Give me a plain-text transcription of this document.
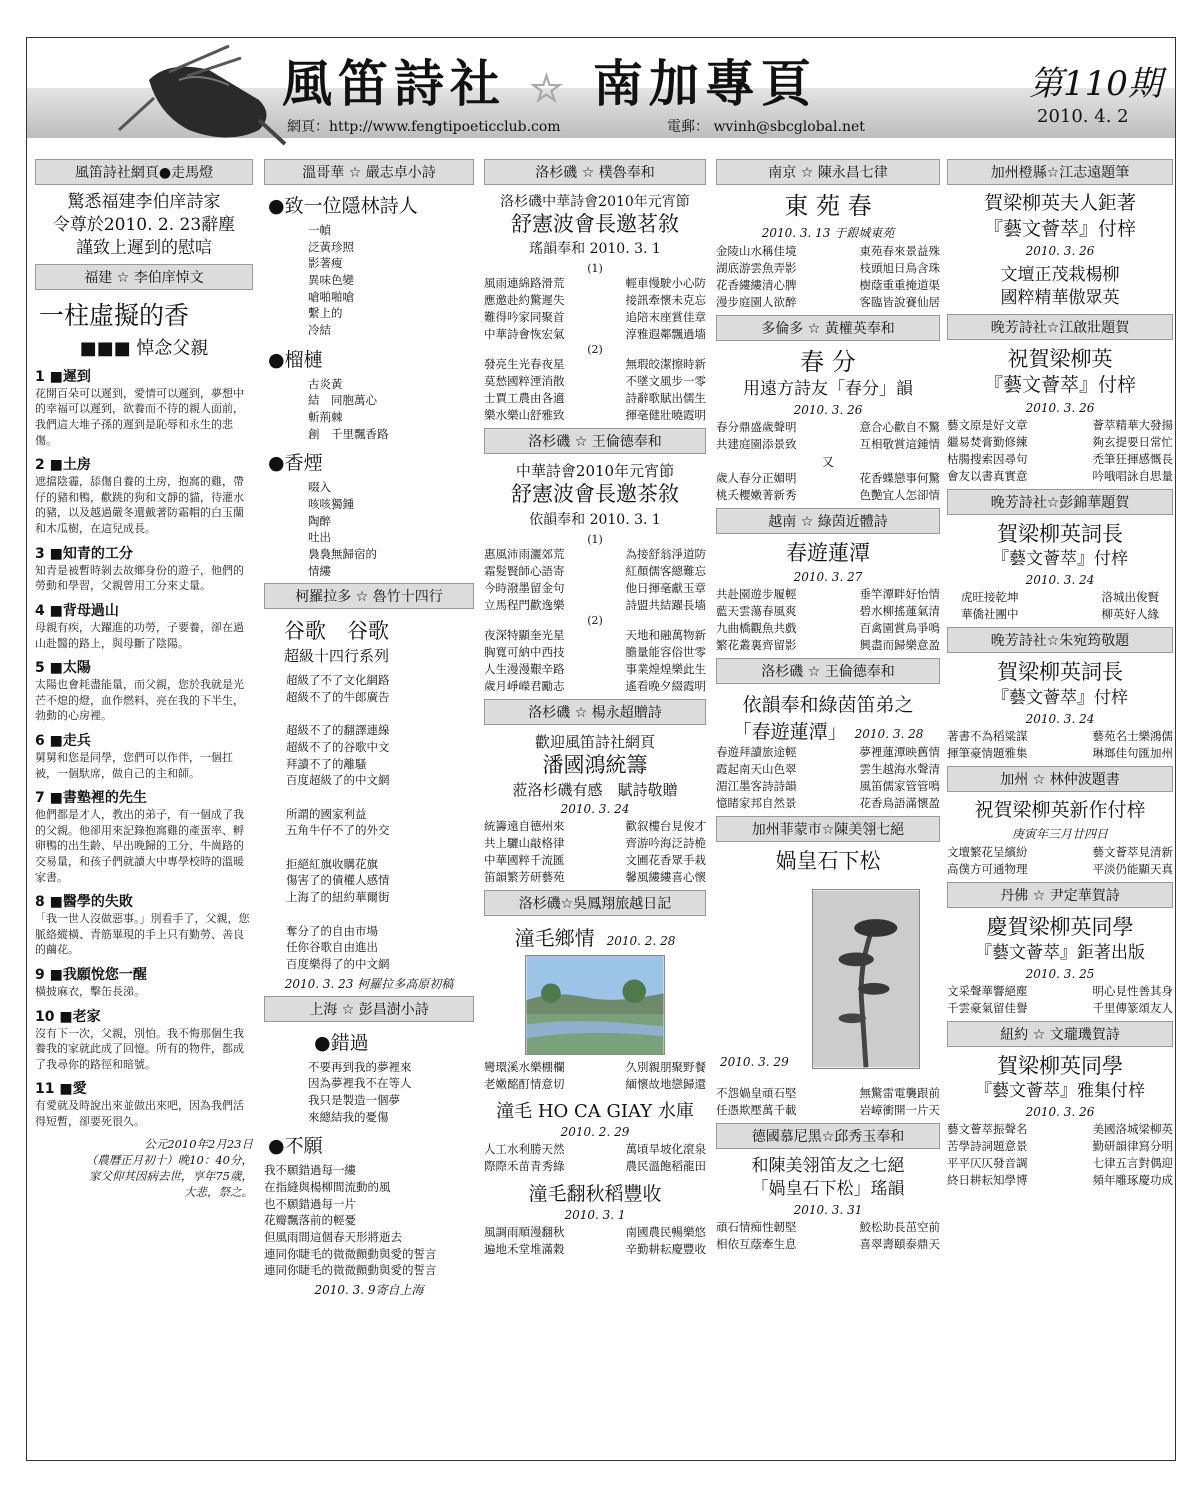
風笛詩社 ☆ 南加專頁	第110期
2010. 4. 2
網頁：http://www.fengtipoeticclub.com	電郵： wvinh@sbcglobal.net
風笛詩社網頁●走馬燈
驚悉福建李伯庠詩家
令尊於2010. 2. 23辭塵
謹致上遲到的慰唁
福建 ☆ 李伯庠悼文
一柱虛擬的香
■■■ 悼念父親
1 ■遲到
花開百朵可以遲到，愛情可以遲到，夢想中的幸福可以遲到，欲養而不待的親人面前，我們這大堆子孫的遲到是恥辱和永生的悲傷。
2 ■土房
遮擋陰霾，舔傷自養的土房，抱窩的雞，帶仔的豬和鴨，歡跳的狗和文靜的貓，待灌水的豬，以及越過嚴冬還戴著防霜帽的白玉蘭和木瓜樹，在這兒成長。
3 ■知青的工分
知青是被暫時剝去故鄉身份的遊子，他們的勞動和學習，父親曾用工分來丈量。
4 ■背母過山
母親有疾，大躍進的功勞，子要養，卻在過山赴醫的路上，與母斷了陰陽。
5 ■太陽
太陽也會耗盡能量，而父親，您於我就是光芒不熄的燈，血作燃料，亮在我的下半生，勃動的心房裡。
6 ■走兵
舅舅和您是同學，您們可以作伴，一個扛被，一個馱席，做自己的主和師。
7 ■書塾裡的先生
他們都是才人，教出的弟子，有一個成了我的父親。他卻用來記錄抱窩雞的產蛋率、孵卵鴨的出生齡、早出晚歸的工分、牛崗路的交易量，和孩子們就讀大中專學校時的溫暖家書。
8 ■醫學的失敗
「我一世人沒做惡事。」別看手了，父親，您脈絡縱橫、青筋畢現的手上只有勤勞、善良的繭花。
9 ■我願悅您一醒
橫披麻衣，擊缶長涕。
10 ■老家
沒有下一次，父親，別怕。我不悔那個生我養我的家就此成了回憶。所有的物件，都成了我尋你的路徑和暗號。
11 ■愛
有愛就及時說出來並做出來吧，因為我們活得短暫，卻要死很久。
公元2010年2月23日
（農曆正月初十）晚10：40分，
家父仰其因病去世，享年75歲，
大悲，祭之。
溫哥華 ☆ 嚴志卓小詩
●致一位隱林詩人
一幀
泛黃珍照
影著瘦
異味色變
嗆啪啪嗆
繫上的
冷結
●榴槤
古炎黃
結　同胞萬心
斬荊棘
創　千里飄香路
●香煙
啜入
咳咳獨鍾
陶醉
吐出
裊裊無歸宿的
情縷
柯羅拉多 ☆ 魯竹十四行
谷歌　谷歌
超級十四行系列
超級了不了文化網路
超級不了的牛郎廣告

超級不了的翻譯連線
超級不了的谷歌中文
拜讀不了的離騷
百度超級了的中文網

所謂的國家利益
五角牛仔不了的外交

拒絕紅旗收購花旗
傷害了的債權人感情
上海了的紐約華爾街

奪分了的自由市場
任你谷歌自由進出
百度樂得了的中文網
2010. 3. 23 柯羅拉多高原初稿
上海 ☆ 彭昌澍小詩
●錯過
不要再到我的夢裡來
因為夢裡我不在等人
我只是製造一個夢
來總結我的憂傷
●不願
我不願錯過每一縷
在指縫與楊柳間流動的風
也不願錯過每一片
花瓣飄落前的輕憂
但風雨間這個春天形將逝去
連同你睫毛的微微顫動與愛的誓言
連同你睫毛的微微顫動與愛的誓言
2010. 3. 9寄自上海
洛杉磯 ☆ 樸魯奉和
洛杉磯中華詩會2010年元宵節
舒憲波會長邀茗敘
瑤韻奉和 2010. 3. 1
(1)
風雨連綿路滑荒	輕車慢駛小心防
應邀赴約驚遲失	接訊牽懷未克忘
難得吟家同聚首	追陪末座賞佳章
中華詩會恢宏氣	淳雅遐鄰飄過墻
(2)
發亮生光春夜星	無瑕皎潔擦時新
莫愁國粹湮消散	不墜文風步一零
士賈工農由各適	詩辭歌賦出儒生
樂水樂山舒雅致	揮毫健壯曉霞明
洛杉磯 ☆ 王倫德奉和
中華詩會2010年元宵節
舒憲波會長邀茶敘
依韻奉和 2010. 3. 1
(1)
惠風沛雨灑郊荒	為接舒翁淨道防
霜髮賢師心語寄	紅顏儒客總難忘
今時潑墨留金句	他日揮毫獻玉章
立馬程門歡逸樂	詩盟共結躍長墻
(2)
夜深特顯奎光星	天地和融萬物新
胸寬可納中西技	膽量能容俗世零
人生漫漫艱辛路	事業煌煌樂此生
歲月崢嶸君勵志	遙看晚夕綴霞明
洛杉磯 ☆ 楊永超贈詩
歡迎風笛詩社網頁
潘國鴻統籌
蒞洛杉磯有感　賦詩敬贈
2010. 3. 24
統籌遠自德州來	歡叙樓台見俊才
共上驪山敲格律	齊游吟海泛詩桅
中華國粹千流匯	文圃花香眾手栽
笛韻繁芳研藝苑	馨風縷縷喜心懷
洛杉磯☆吳鳳翔旅越日記
潼毛鄉情 2010. 2. 28
彎環溪水樂棚欄	久別親朋聚野餐
老嫩酩酊情意切	緬懷故地戀歸還
潼毛 HO CA GIAY 水庫
2010. 2. 29
人工水利勝天然	萬頃旱坡化滾泉
際際禾苗青秀綠	農民溫飽稻龍田
潼毛翻秋稻豐收
2010. 3. 1
風調雨順漫翻秋	南國農民暢樂悠
遍地禾堂堆滿穀	辛勤耕耘慶豐收
南京 ☆ 陳永昌七律
東 苑 春
2010. 3. 13 于銀城東苑
金陵山水稱佳境	東苑春來景益殊
湖底游雲魚弄影	枝頭旭日鳥含珠
花香縷縷清心脾	樹蔭重重掩道渠
漫步庭園人欲醉	客臨皆說賽仙居
多倫多 ☆ 黃權英奉和
春 分
用遠方詩友「春分」韻
2010. 3. 26
春分鼎盛歲聲明	意合心歡自不驚
共建庭園添景致	互相敬賞這鍾情
又
歲人春分正媚明	花香蝶戀事何驚
桃夭櫻嫩菁新秀	色艷宜人怎卻情
越南 ☆ 綠茵近體詩
春遊蓮潭
2010. 3. 27
共赴園遊步履輕	垂竿潭畔好怡情
藍天雲蕩春風爽	碧水柳搖蓮氣清
九曲橋觀魚共戲	百禽園賞鳥爭鳴
繁花叢裏齊留影	興盡而歸樂意盈
洛杉磯 ☆ 王倫德奉和
依韻奉和綠茵笛弟之
「春遊蓮潭」 2010. 3. 28
春遊拜讀旅途輕	夢裡蓮潭映舊情
霞起南天山色翠	雲生越海水聲清
湄江墨客詩詩韻	風笛儒家管管鳴
憶睹家邦自然景	花香鳥語滿懷盈
加州菲蒙市☆陳美翎七絕
媧皇石下松
2010. 3. 29
不怨媧皇頑石堅	無驚雷電襲跟前
任憑欺壓萬千載	岩嶂衝開一片天
德國慕尼黑☆邱秀玉奉和
和陳美翎笛友之七絕
「媧皇石下松」瑤韻
2010. 3. 31
頑石情痴性韌堅	鮫松助長茁空前
相依互蔭牽生息	喜翠壽頤泰鼎天
加州橙縣☆江志遠題筆
賀梁柳英夫人鉅著
『藝文薈萃』付梓
2010. 3. 26
文壇正茂栽楊柳
國粹精華傲眾英
晚芳詩社☆江啟壯題賀
祝賀梁柳英
『藝文薈萃』付梓
2010. 3. 26
藝文原是好文章	薈萃精華大發揚
繼易焚膏勤修練	夠玄提要日常忙
枯腸搜索因尋句	禿筆狂揮感慨長
會友以書真實意	吟哦唱詠自思量
晚芳詩社☆彭錦華題賀
賀梁柳英詞長
『藝文薈萃』付梓
2010. 3. 24
虎旺接乾坤	洛城出俊賢
華僑社團中	柳英好人緣
晚芳詩社☆朱宛筠敬題
賀梁柳英詞長
『藝文薈萃』付梓
2010. 3. 24
著書不為稻粱謀	藝苑名士樂鴻儒
揮筆豪情題雅集	琳瑯佳句匯加州
加州 ☆ 林仲波題書
祝賀梁柳英新作付梓
庚寅年三月廿四日
文壇繁花呈繽紛	藝文薈萃見清新
高僕方可通物理	平淡仍能顯天真
丹佛 ☆ 尹定華賀詩
慶賀梁柳英同學
『藝文薈萃』鉅著出版
2010. 3. 25
文采聲華響絕塵	明心見性善其身
千雲豪氣留佳譽	千里傳篆頌友人
紐約 ☆ 文瓏璣賀詩
賀梁柳英同學
『藝文薈萃』雅集付梓
2010. 3. 26
藝文薈萃振聲名	美國洛城梁柳英
苦學詩詞題意景	勤研韻律寫分明
平平仄仄發音調	七律五言對偶迎
終日耕耘知學博	頻年雕琢慶功成
